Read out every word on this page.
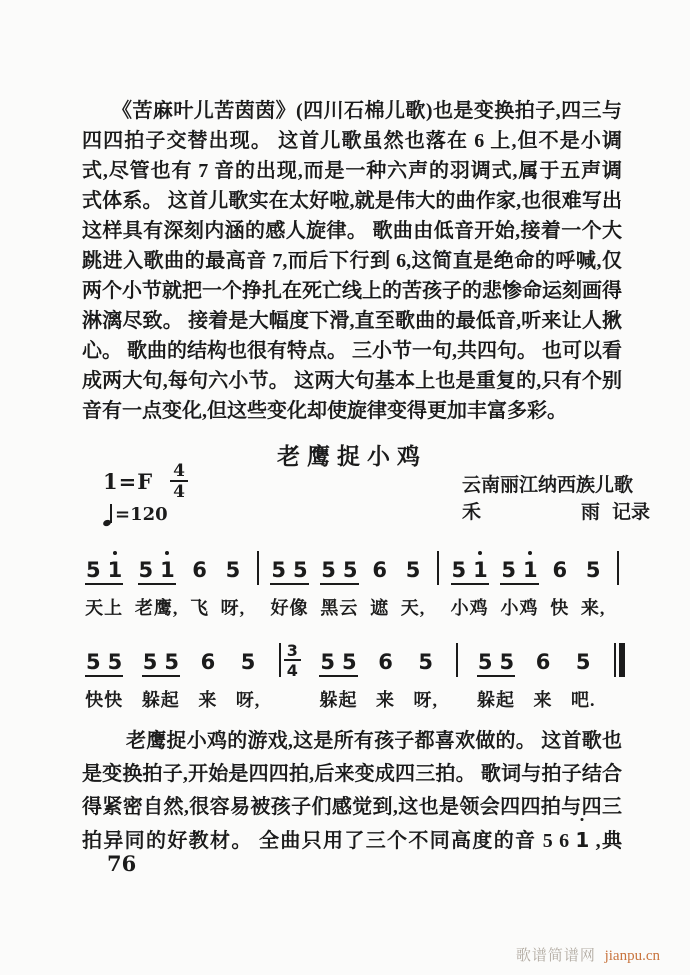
《苦麻叶儿苦茵茵》(四川石棉儿歌)也是变换拍子,四三与
四四拍子交替出现。 这首儿歌虽然也落在 6 上,但不是小调
式,尽管也有 7 音的出现,而是一种六声的羽调式,属于五声调
式体系。 这首儿歌实在太好啦,就是伟大的曲作家,也很难写出
这样具有深刻内涵的感人旋律。 歌曲由低音开始,接着一个大
跳进入歌曲的最高音 7,而后下行到 6,这简直是绝命的呼喊,仅
两个小节就把一个挣扎在死亡线上的苦孩子的悲惨命运刻画得
淋漓尽致。 接着是大幅度下滑,直至歌曲的最低音,听来让人揪
心。 歌曲的结构也很有特点。 三小节一句,共四句。 也可以看
成两大句,每句六小节。 这两大句基本上也是重复的,只有个别
音有一点变化,但这些变化却使旋律变得更加丰富多彩。
老鹰捉小鸡
$1=F \frac{4}{4}$
=120
云南丽江纳西族儿歌
禾	雨 记录
5 1
天上
5 1
老鹰,
6
飞
5
呀,
5 5
好像
5 5
黑云
6
遮
5
天,
5 1
小鸡
5 1
小鸡
6
快
5
来,
5 5
快快
5 5
躲起
6
来
5
呀,
$\frac{3}{4} 5$ 5
躲起
6
来
5
呀,
5 5
躲起
6
来
5
吧.
老鹰捉小鸡的游戏,这是所有孩子都喜欢做的。 这首歌也
是变换拍子,开始是四四拍,后来变成四三拍。 歌词与拍子结合
得紧密自然,很容易被孩子们感觉到,这也是领会四四拍与四三
拍异同的好教材。 全曲只用了三个不同高度的音 5 6 1
,典
76
歌谱简谱网 jianpu.cn
